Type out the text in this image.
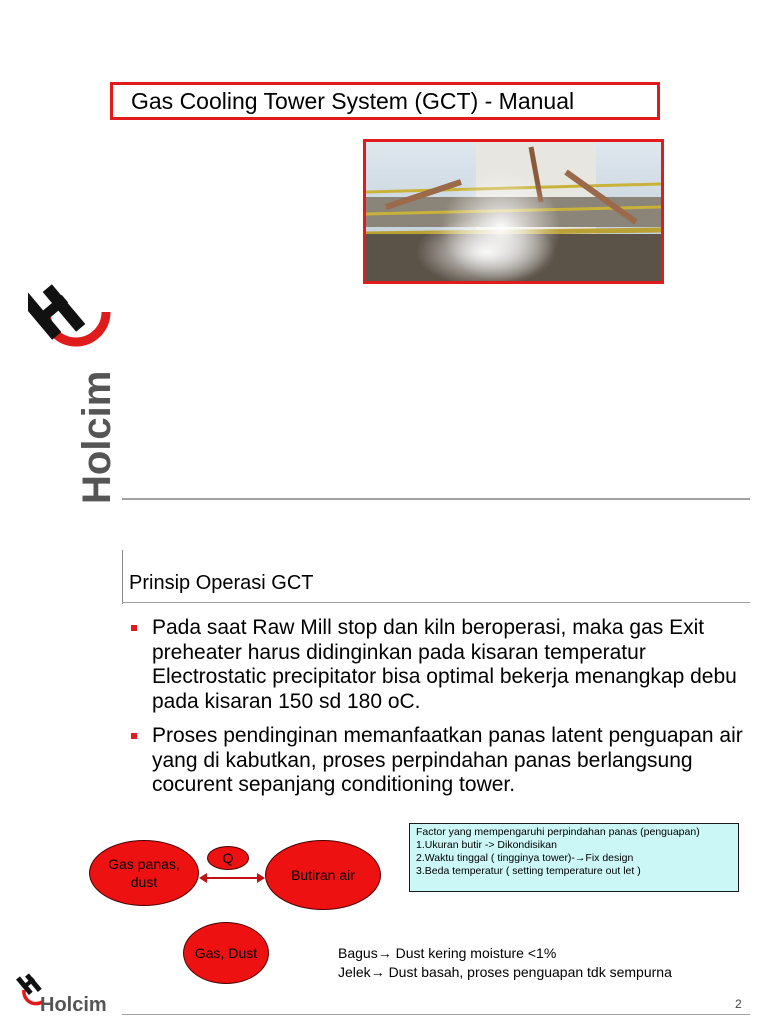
Gas Cooling Tower System (GCT) - Manual
Holcim
Prinsip Operasi GCT
Pada saat Raw Mill stop dan kiln beroperasi, maka gas Exit preheater harus didinginkan pada kisaran temperatur Electrostatic precipitator bisa optimal bekerja menangkap debu pada kisaran 150 sd 180 oC.
Proses pendinginan memanfaatkan panas latent penguapan air yang di kabutkan, proses perpindahan panas berlangsung cocurent sepanjang conditioning tower.
Factor yang mempengaruhi perpindahan panas (penguapan)
1.Ukuran butir -> Dikondisikan
2.Waktu tinggal ( tingginya tower)-→Fix design
3.Beda temperatur ( setting temperature out let )
Gas panas, dust
Q
Butiran air
Gas, Dust	Bagus→ Dust kering moisture <1%
Jelek→ Dust basah, proses penguapan tdk sempurna
Holcim	2
